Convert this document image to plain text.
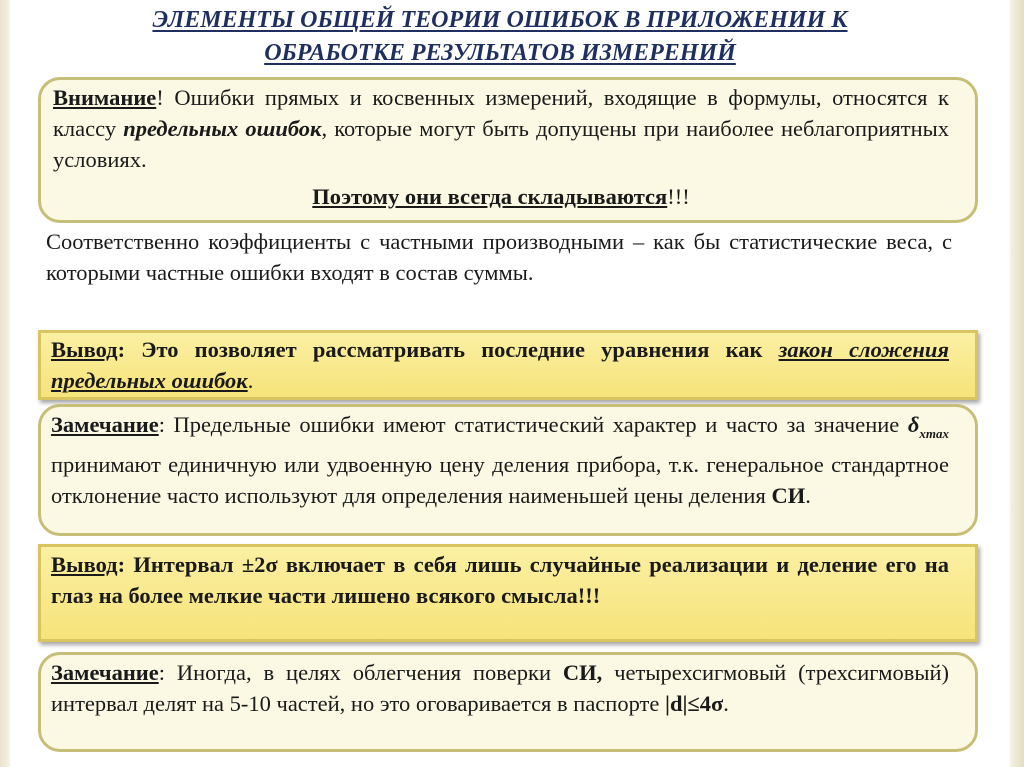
ЭЛЕМЕНТЫ ОБЩЕЙ ТЕОРИИ ОШИБОК В ПРИЛОЖЕНИИ К
ОБРАБОТКЕ РЕЗУЛЬТАТОВ ИЗМЕРЕНИЙ
Внимание! Ошибки прямых и косвенных измерений, входящие в формулы, относятся к классу предельных ошибок, которые могут быть допущены при наиболее неблагоприятных условиях.
Поэтому они всегда складываются!!!
Соответственно коэффициенты с частными производными – как бы статистические веса, с которыми частные ошибки входят в состав суммы.
Вывод: Это позволяет рассматривать последние уравнения как закон сложения предельных ошибок.
Замечание: Предельные ошибки имеют статистический характер и часто за значение $\delta_{xmax}$ принимают единичную или удвоенную цену деления прибора, т.к. генеральное стандартное отклонение часто используют для определения наименьшей цены деления СИ.
Вывод: Интервал ±2σ включает в себя лишь случайные реализации и деление его на глаз на более мелкие части лишено всякого смысла!!!
Замечание: Иногда, в целях облегчения поверки СИ, четырехсигмовый (трехсигмовый) интервал делят на 5-10 частей, но это оговаривается в паспорте |d|≤4σ.
